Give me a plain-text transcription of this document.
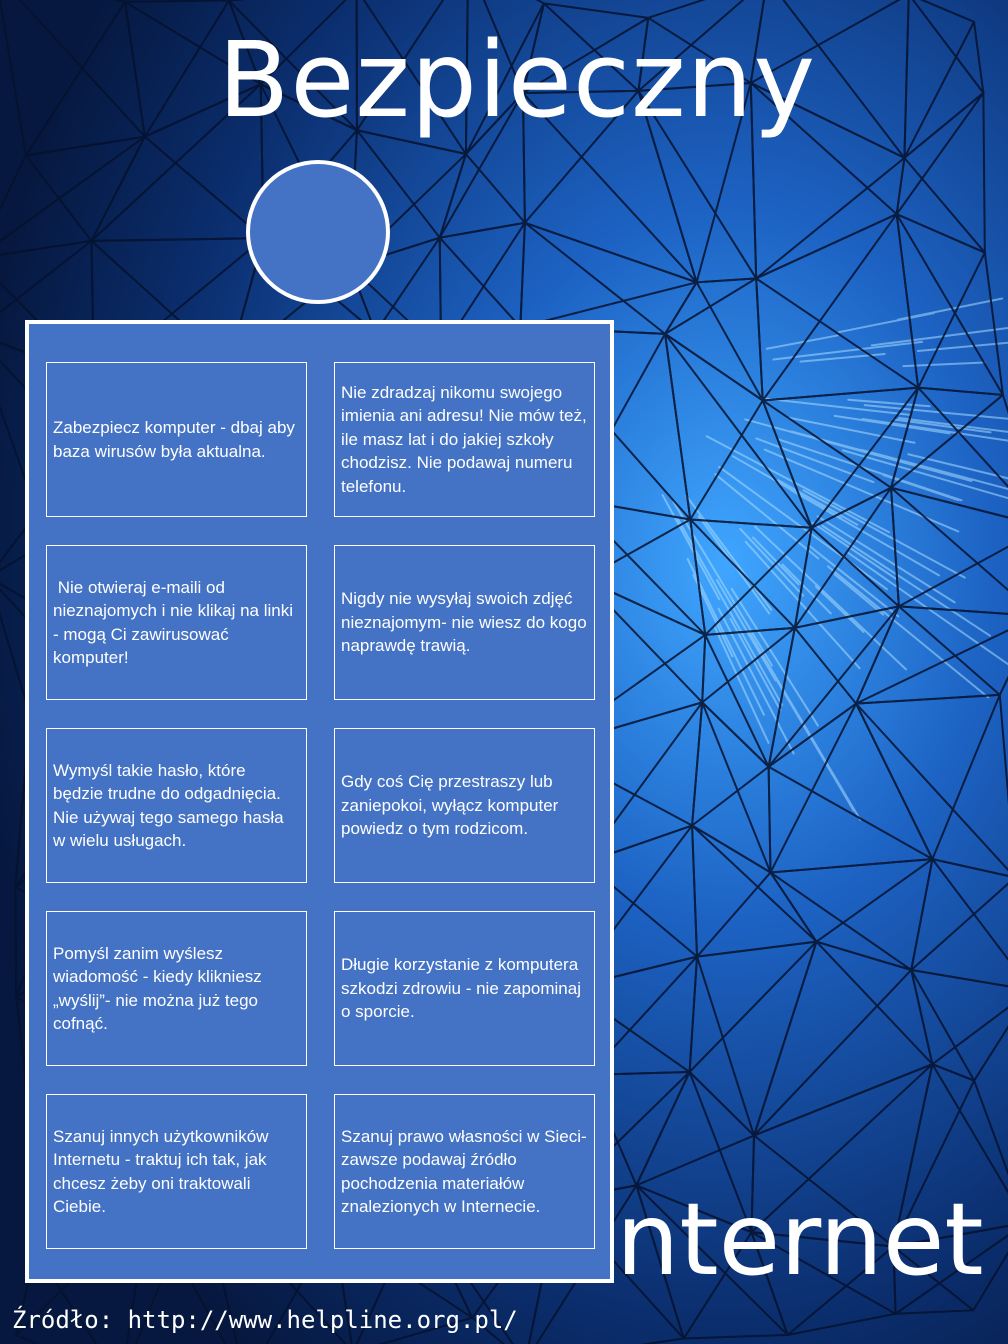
Bezpieczny
Zabezpiecz komputer - dbaj aby baza wirusów była aktualna.
Nie zdradzaj nikomu swojego imienia ani adresu! Nie mów też, ile masz lat i do jakiej szkoły chodzisz. Nie podawaj numeru telefonu.
Nie otwieraj e-maili od nieznajomych i nie klikaj na linki - mogą Ci zawirusować komputer!
Nigdy nie wysyłaj swoich zdjęć nieznajomym- nie wiesz do kogo naprawdę trawią.
Wymyśl takie hasło, które będzie trudne do odgadnięcia. Nie używaj tego samego hasła w wielu usługach.
Gdy coś Cię przestraszy lub zaniepokoi, wyłącz komputer powiedz o tym rodzicom.
Pomyśl zanim wyślesz wiadomość - kiedy klikniesz „wyślij”- nie można już tego cofnąć.
Długie korzystanie z komputera szkodzi zdrowiu - nie zapominaj o sporcie.
Szanuj innych użytkowników Internetu - traktuj ich tak, jak chcesz żeby oni traktowali Ciebie.
Szanuj prawo własności w Sieci- zawsze podawaj źródło pochodzenia materiałów znalezionych w Internecie. nternet
Źródło: http://www.helpline.org.pl/
